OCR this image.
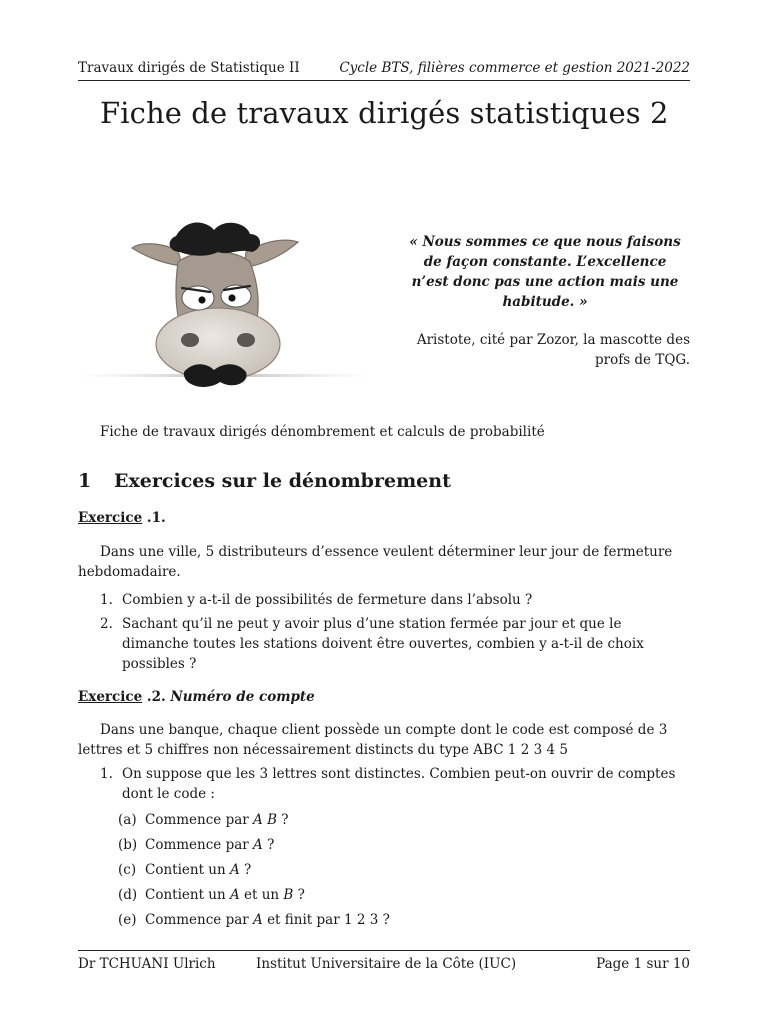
Travaux dirigés de Statistique II	Cycle BTS, filières commerce et gestion 2021-2022
Fiche de travaux dirigés statistiques 2
« Nous sommes ce que nous faisons
de façon constante. L’excellence
n’est donc pas une action mais une
habitude. »
Aristote, cité par Zozor, la mascotte des
profs de TQG.
Fiche de travaux dirigés dénombrement et calculs de probabilité
1 Exercices sur le dénombrement
Exercice .1.
Dans une ville, 5 distributeurs d’essence veulent déterminer leur jour de fermeture hebdomadaire.
1. Combien y a-t-il de possibilités de fermeture dans l’absolu ?
2. Sachant qu’il ne peut y avoir plus d’une station fermée par jour et que le dimanche toutes les stations doivent être ouvertes, combien y a-t-il de choix possibles ?
Exercice .2. Numéro de compte
Dans une banque, chaque client possède un compte dont le code est composé de 3 lettres et 5 chiffres non nécessairement distincts du type ABC 1 2 3 4 5
1. On suppose que les 3 lettres sont distinctes. Combien peut-on ouvrir de comptes dont le code :
(a) Commence par A B ?
(b) Commence par A ?
(c) Contient un A ?
(d) Contient un A et un B ?
(e) Commence par A et finit par 1 2 3 ?
Dr TCHUANI Ulrich	Institut Universitaire de la Côte (IUC)	Page 1 sur 10
